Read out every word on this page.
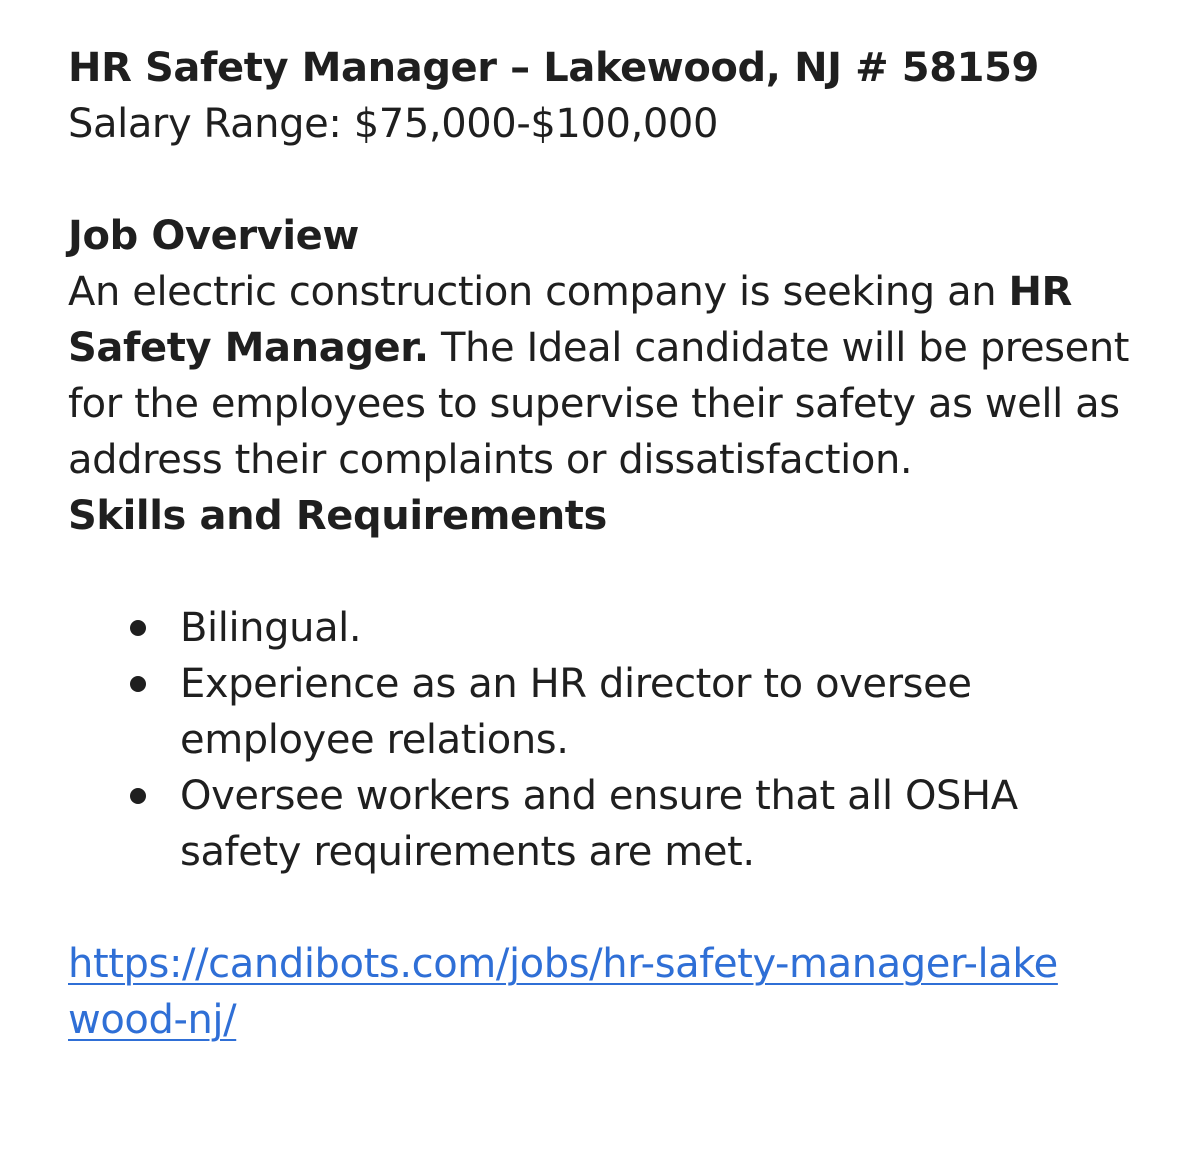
HR Safety Manager – Lakewood, NJ # 58159

Salary Range: $75,000-$100,000

Job Overview

An electric construction company is seeking an HR Safety Manager. The Ideal candidate will be present for the employees to supervise their safety as well as address their complaints or dissatisfaction.

Skills and Requirements

Bilingual.
Experience as an HR director to oversee employee relations.
Oversee workers and ensure that all OSHA safety requirements are met.
https://candibots.com/jobs/hr-safety-manager-lakewood-nj/
